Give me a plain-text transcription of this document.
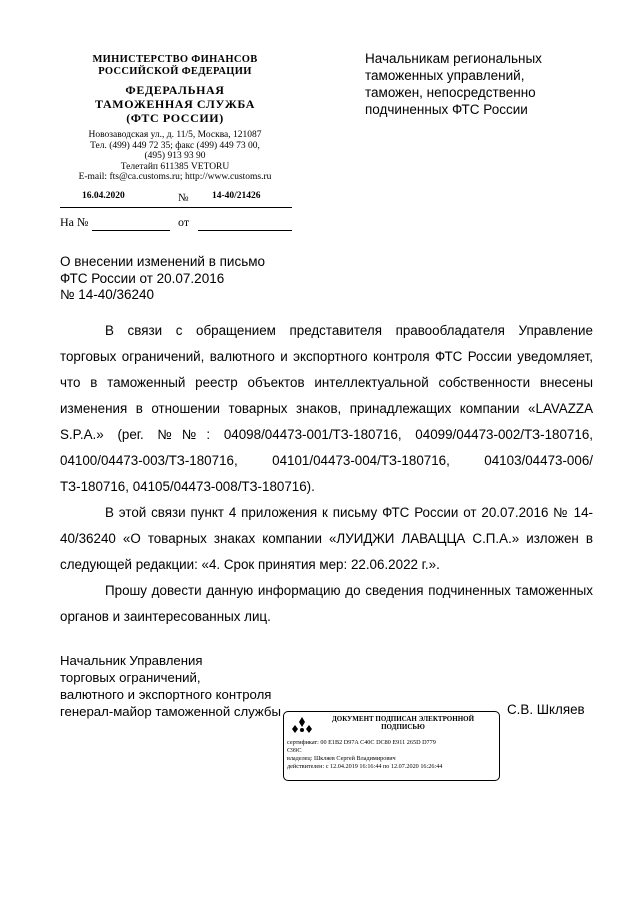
МИНИСТЕРСТВО ФИНАНСОВ
РОССИЙСКОЙ ФЕДЕРАЦИИ
ФЕДЕРАЛЬНАЯ
ТАМОЖЕННАЯ СЛУЖБА
(ФТС РОССИИ)
Новозаводская ул., д. 11/5, Москва, 121087
Тел. (499) 449 72 35; факс (499) 449 73 00,
(495) 913 93 90
Телетайп 611385 VETORU
E-mail: fts@ca.customs.ru; http://www.customs.ru
16.04.2020	№ 14-40/21426
На №	от
Начальникам региональных
таможенных управлений,
таможен, непосредственно
подчиненных ФТС России
О внесении изменений в письмо
ФТС России от 20.07.2016
№ 14-40/36240

В связи с обращением представителя правообладателя Управление торговых ограничений, валютного и экспортного контроля ФТС России уведомляет, что в таможенный реестр объектов интеллектуальной собственности внесены изменения в отношении товарных знаков, принадлежащих компании «LAVAZZA S.P.A.» (рег. №№: 04098/04473-001/ТЗ-180716, 04099/04473-002/ТЗ-180716, 04100/04473-003/ТЗ-180716, 04101/04473-004/ТЗ-180716, 04103/04473-006/ТЗ-180716, 04105/04473-008/ТЗ-180716).

В этой связи пункт 4 приложения к письму ФТС России от 20.07.2016 № 14-40/36240 «О товарных знаках компании «ЛУИДЖИ ЛАВАЦЦА С.П.А.» изложен в следующей редакции: «4. Срок принятия мер: 22.06.2022 г.».

Прошу довести данную информацию до сведения подчиненных таможенных органов и заинтересованных лиц.

Начальник Управления
торговых ограничений,
валютного и экспортного контроля
генерал-майор таможенной службы	С.В. Шкляев
ДОКУМЕНТ ПОДПИСАН ЭЛЕКТРОННОЙ
ПОДПИСЬЮ
сертификат: 00 E1B2 D97A C40C DC80 E911 265D D779
C99C
владелец: Шкляев Сергей Владимирович
действителен: с 12.04.2019 16:16:44 по 12.07.2020 16:26:44
